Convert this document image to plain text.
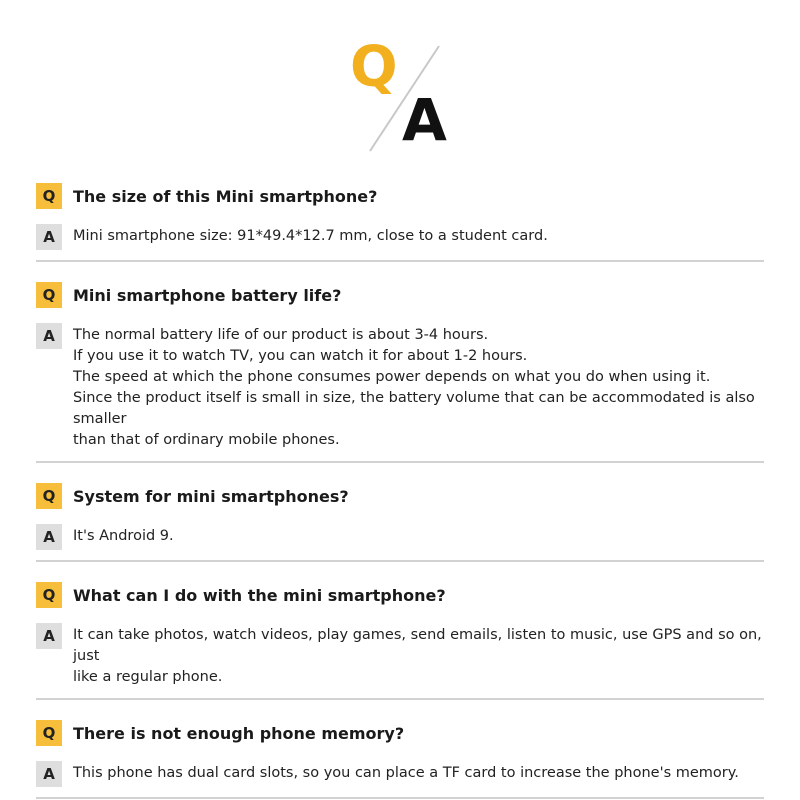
Q
A
Q	The size of this Mini smartphone?
A	Mini smartphone size: 91*49.4*12.7 mm, close to a student card.
Q	Mini smartphone battery life?
A	The normal battery life of our product is about 3-4 hours.
If you use it to watch TV, you can watch it for about 1-2 hours.
The speed at which the phone consumes power depends on what you do when using it.
Since the product itself is small in size, the battery volume that can be accommodated is also smaller
than that of ordinary mobile phones.
Q	System for mini smartphones?
A	It's Android 9.
Q	What can I do with the mini smartphone?
A	It can take photos, watch videos, play games, send emails, listen to music, use GPS and so on, just
like a regular phone.
Q	There is not enough phone memory?
A	This phone has dual card slots, so you can place a TF card to increase the phone's memory.
